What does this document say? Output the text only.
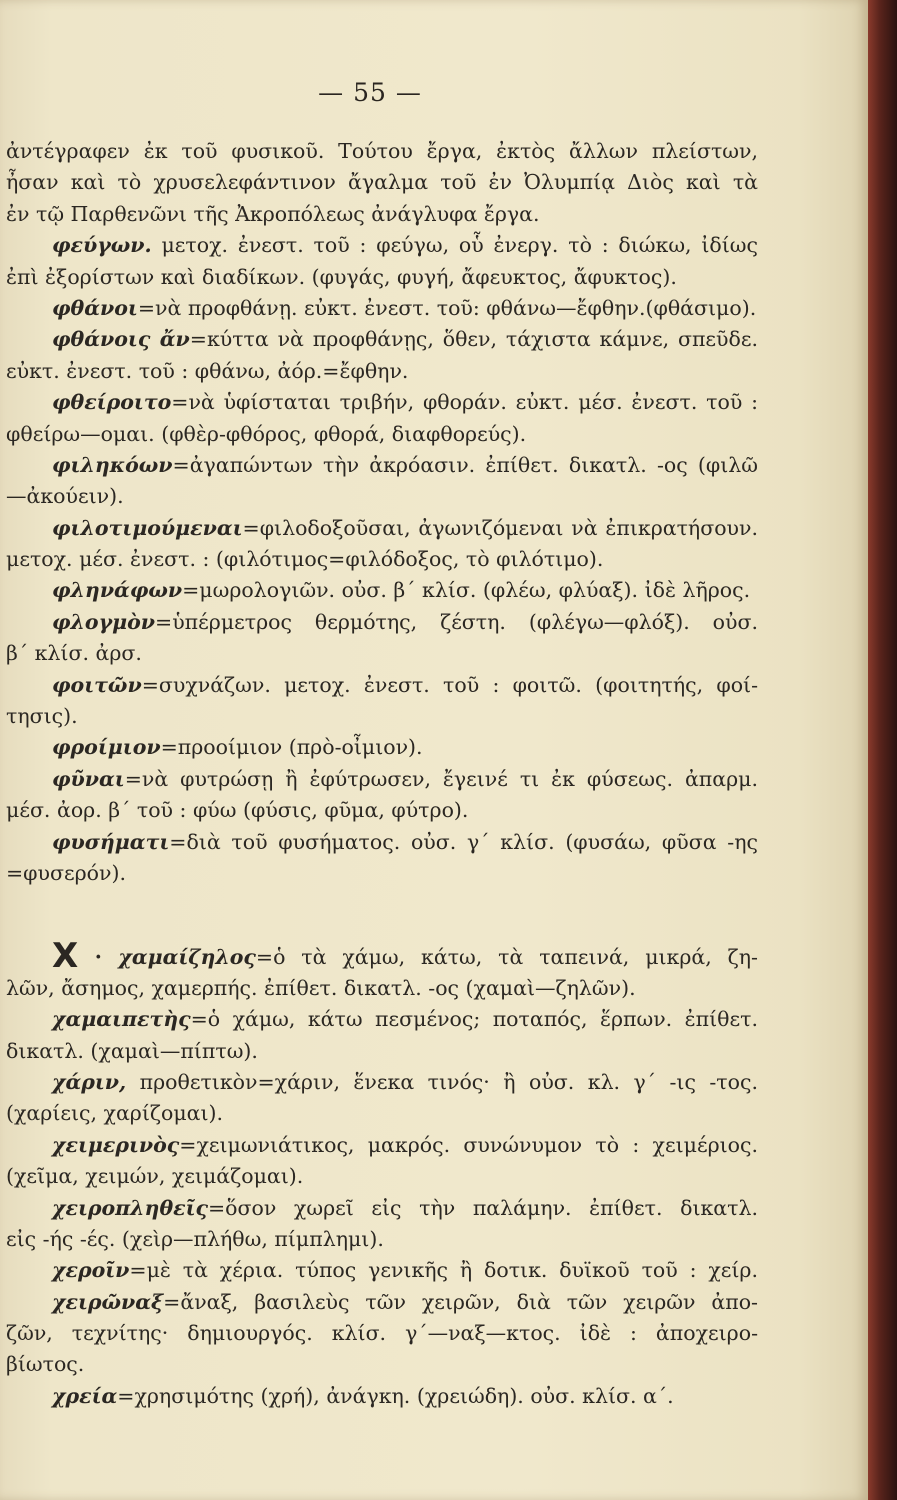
— 55 —
ἀντέγραφεν ἐκ τοῦ φυσικοῦ. Τούτου ἔργα, ἐκτὸς ἄλλων πλείστων,
ἦσαν καὶ τὸ χρυσελεφάντινον ἄγαλμα τοῦ ἐν Ὀλυμπίᾳ Διὸς καὶ τὰ
ἐν τῷ Παρθενῶνι τῆς Ἀκροπόλεως ἀνάγλυφα ἔργα.
φεύγων. μετοχ. ἐνεστ. τοῦ : φεύγω, οὗ ἐνεργ. τὸ : διώκω, ἰδίως
ἐπὶ ἐξορίστων καὶ διαδίκων. (φυγάς, φυγή, ἄφευκτος, ἄφυκτος).
φθάνοι=νὰ προφθάνῃ. εὐκτ. ἐνεστ. τοῦ: φθάνω—ἔφθην.(φθάσιμο).
φθάνοις ἄν=κύττα νὰ προφθάνῃς, ὅθεν, τάχιστα κάμνε, σπεῦδε.
εὐκτ. ἐνεστ. τοῦ : φθάνω, ἀόρ.=ἔφθην.
φθείροιτο=νὰ ὑφίσταται τριβήν, φθοράν. εὐκτ. μέσ. ἐνεστ. τοῦ :
φθείρω—ομαι. (φθὲρ-φθόρος, φθορά, διαφθορεύς).
φιληκόων=ἀγαπώντων τὴν ἀκρόασιν. ἐπίθετ. δικατλ. -ος (φιλῶ
—ἀκούειν).
φιλοτιμούμεναι=φιλοδοξοῦσαι, ἀγωνιζόμεναι νὰ ἐπικρατήσουν.
μετοχ. μέσ. ἐνεστ. : (φιλότιμος=φιλόδοξος, τὸ φιλότιμο).
φληνάφων=μωρολογιῶν. οὐσ. β´ κλίσ. (φλέω, φλύαξ). ἰδὲ λῆρος.
φλογμὸν=ὑπέρμετρος θερμότης, ζέστη. (φλέγω—φλόξ). οὐσ.
β´ κλίσ. ἀρσ.
φοιτῶν=συχνάζων. μετοχ. ἐνεστ. τοῦ : φοιτῶ. (φοιτητής, φοί-
τησις).
φροίμιον=προοίμιον (πρὸ-οἶμιον).
φῦναι=νὰ φυτρώσῃ ἢ ἐφύτρωσεν, ἔγεινέ τι ἐκ φύσεως. ἀπαρμ.
μέσ. ἀορ. β´ τοῦ : φύω (φύσις, φῦμα, φύτρο).
φυσήματι=διὰ τοῦ φυσήματος. οὐσ. γ´ κλίσ. (φυσάω, φῦσα -ης
=φυσερόν).
Χ · χαμαίζηλος=ὁ τὰ χάμω, κάτω, τὰ ταπεινά, μικρά, ζη-
λῶν, ἄσημος, χαμερπής. ἐπίθετ. δικατλ. -ος (χαμαὶ—ζηλῶν).
χαμαιπετὴς=ὁ χάμω, κάτω πεσμένος; ποταπός, ἕρπων. ἐπίθετ.
δικατλ. (χαμαὶ—πίπτω).
χάριν, προθετικὸν=χάριν, ἕνεκα τινός· ἢ οὐσ. κλ. γ´ -ις -τος.
(χαρίεις, χαρίζομαι).
χειμερινὸς=χειμωνιάτικος, μακρός. συνώνυμον τὸ : χειμέριος.
(χεῖμα, χειμών, χειμάζομαι).
χειροπληθεῖς=ὅσον χωρεῖ εἰς τὴν παλάμην. ἐπίθετ. δικατλ.
εἰς -ής -ές. (χεὶρ—πλήθω, πίμπλημι).
χεροῖν=μὲ τὰ χέρια. τύπος γενικῆς ἢ δοτικ. δυϊκοῦ τοῦ : χείρ.
χειρῶναξ=ἄναξ, βασιλεὺς τῶν χειρῶν, διὰ τῶν χειρῶν ἀπο-
ζῶν, τεχνίτης· δημιουργός. κλίσ. γ´—ναξ—κτος. ἰδὲ : ἀποχειρο-
βίωτος.
χρεία=χρησιμότης (χρή), ἀνάγκη. (χρειώδη). οὐσ. κλίσ. α´.
